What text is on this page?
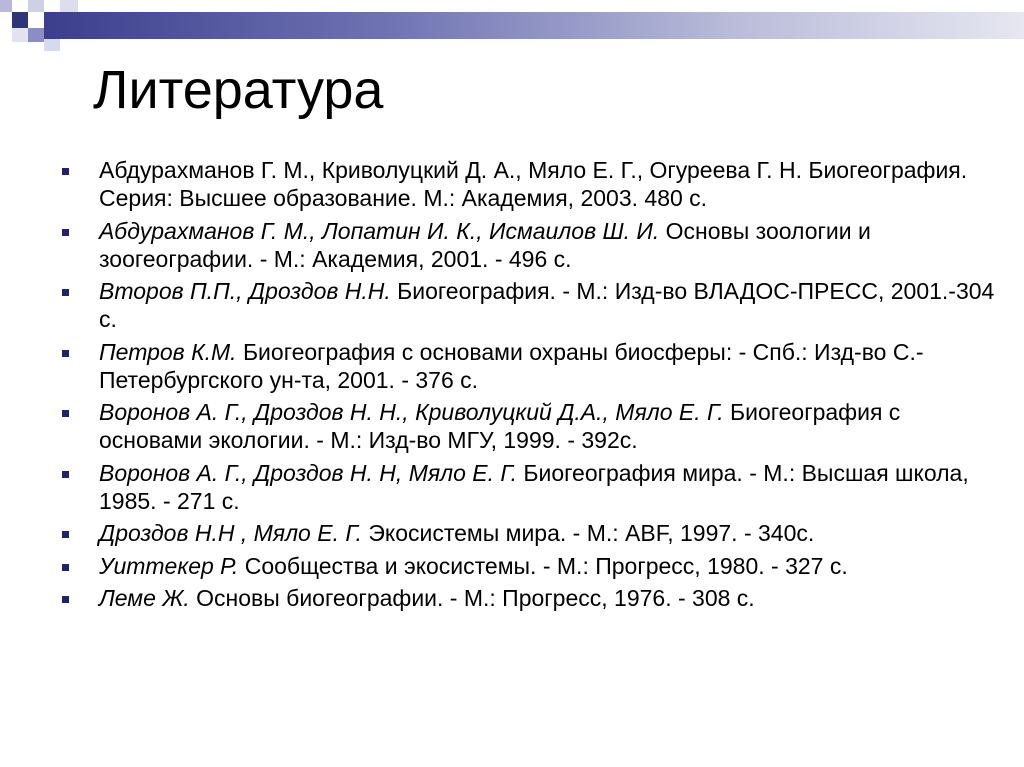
Литература
Абдурахманов Г. М., Криволуцкий Д. А., Мяло Е. Г., Огуреева Г. Н. Биогеография. Серия: Высшее образование. М.: Академия, 2003. 480 с.
Абдурахманов Г. М., Лопатин И. К., Исмаилов Ш. И. Основы зоологии и зоогеографии. - М.: Академия, 2001. - 496 с.
Второв П.П., Дроздов Н.Н. Биогеография. - М.: Изд-во ВЛАДОС-ПРЕСС, 2001.-304 с.
Петров К.М. Биогеография с основами охраны биосферы: - Спб.: Изд-во С.-Петербургского ун-та, 2001. - 376 с.
Воронов А. Г., Дроздов Н. Н., Криволуцкий Д.А., Мяло Е. Г. Биогеография с основами экологии. - М.: Изд-во МГУ, 1999. - 392с.
Воронов А. Г., Дроздов Н. Н, Мяло Е. Г. Биогеография мира. - М.: Высшая школа, 1985. - 271 с.
Дроздов Н.Н , Мяло Е. Г. Экосистемы мира. - М.: ABF, 1997. - 340с.
Уиттекер Р. Сообщества и экосистемы. - М.: Прогресс, 1980. - 327 с.
Леме Ж. Основы биогеографии. - М.: Прогресс, 1976. - 308 с.
